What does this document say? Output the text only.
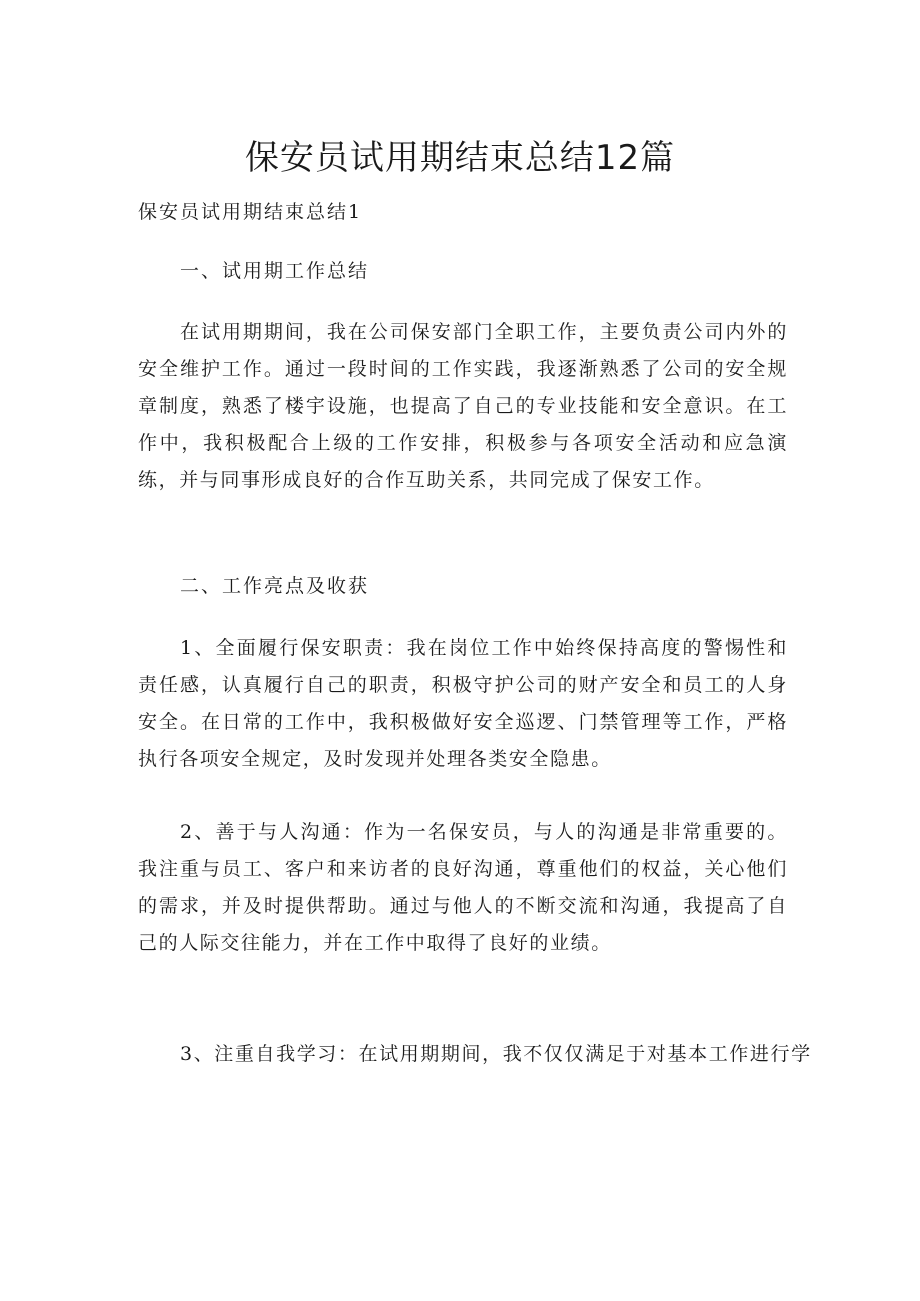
保安员试用期结束总结12篇

保安员试用期结束总结1

一、试用期工作总结

在试用期期间，我在公司保安部门全职工作，主要负责公司内外的安全维护工作。通过一段时间的工作实践，我逐渐熟悉了公司的安全规章制度，熟悉了楼宇设施，也提高了自己的专业技能和安全意识。在工作中，我积极配合上级的工作安排，积极参与各项安全活动和应急演练，并与同事形成良好的合作互助关系，共同完成了保安工作。

二、工作亮点及收获

1、全面履行保安职责：我在岗位工作中始终保持高度的警惕性和责任感，认真履行自己的职责，积极守护公司的财产安全和员工的人身安全。在日常的工作中，我积极做好安全巡逻、门禁管理等工作，严格执行各项安全规定，及时发现并处理各类安全隐患。

2、善于与人沟通：作为一名保安员，与人的沟通是非常重要的。我注重与员工、客户和来访者的良好沟通，尊重他们的权益，关心他们的需求，并及时提供帮助。通过与他人的不断交流和沟通，我提高了自己的人际交往能力，并在工作中取得了良好的业绩。

3、注重自我学习：在试用期期间，我不仅仅满足于对基本工作进行学
